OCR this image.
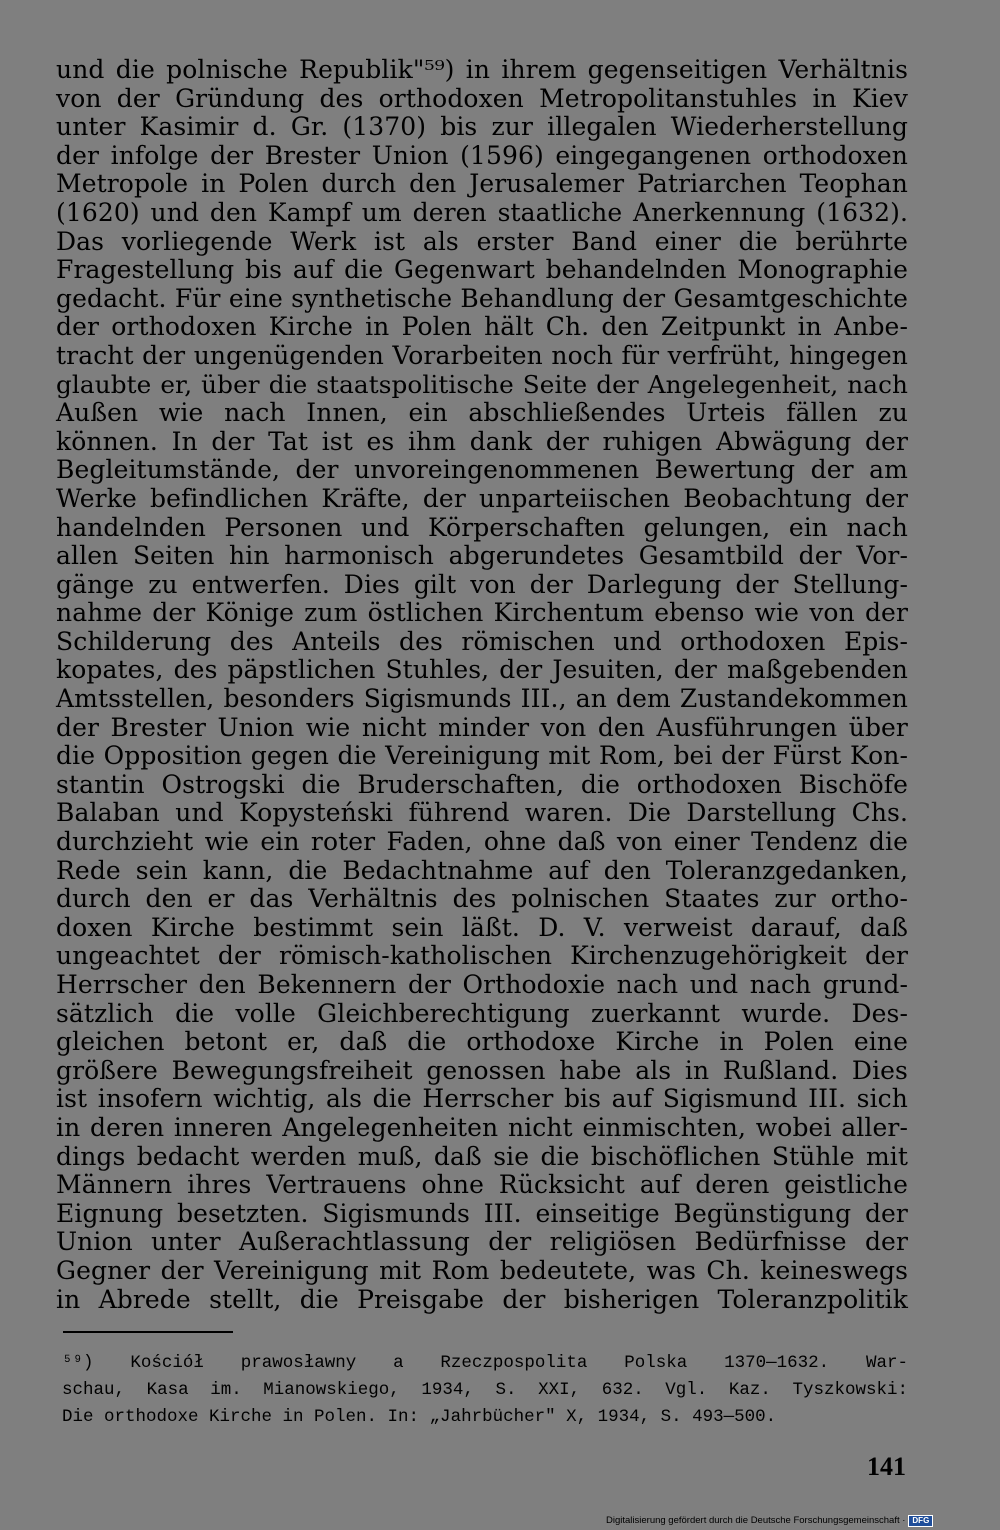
und die polnische Republik"⁵⁹) in ihrem gegenseitigen Verhältnis
von der Gründung des orthodoxen Metropolitanstuhles in Kiev
unter Kasimir d. Gr. (1370) bis zur illegalen Wiederherstellung
der infolge der Brester Union (1596) eingegangenen orthodoxen
Metropole in Polen durch den Jerusalemer Patriarchen Teophan
(1620) und den Kampf um deren staatliche Anerkennung (1632).
Das vorliegende Werk ist als erster Band einer die berührte
Fragestellung bis auf die Gegenwart behandelnden Monographie
gedacht. Für eine synthetische Behandlung der Gesamtgeschichte
der orthodoxen Kirche in Polen hält Ch. den Zeitpunkt in Anbe-
tracht der ungenügenden Vorarbeiten noch für verfrüht, hingegen
glaubte er, über die staatspolitische Seite der Angelegenheit, nach
Außen wie nach Innen, ein abschließendes Urteis fällen zu
können. In der Tat ist es ihm dank der ruhigen Abwägung der
Begleitumstände, der unvoreingenommenen Bewertung der am
Werke befindlichen Kräfte, der unparteiischen Beobachtung der
handelnden Personen und Körperschaften gelungen, ein nach
allen Seiten hin harmonisch abgerundetes Gesamtbild der Vor-
gänge zu entwerfen. Dies gilt von der Darlegung der Stellung-
nahme der Könige zum östlichen Kirchentum ebenso wie von der
Schilderung des Anteils des römischen und orthodoxen Epis-
kopates, des päpstlichen Stuhles, der Jesuiten, der maßgebenden
Amtsstellen, besonders Sigismunds III., an dem Zustandekommen
der Brester Union wie nicht minder von den Ausführungen über
die Opposition gegen die Vereinigung mit Rom, bei der Fürst Kon-
stantin Ostrogski die Bruderschaften, die orthodoxen Bischöfe
Balaban und Kopysteński führend waren. Die Darstellung Chs.
durchzieht wie ein roter Faden, ohne daß von einer Tendenz die
Rede sein kann, die Bedachtnahme auf den Toleranzgedanken,
durch den er das Verhältnis des polnischen Staates zur ortho-
doxen Kirche bestimmt sein läßt. D. V. verweist darauf, daß
ungeachtet der römisch-katholischen Kirchenzugehörigkeit der
Herrscher den Bekennern der Orthodoxie nach und nach grund-
sätzlich die volle Gleichberechtigung zuerkannt wurde. Des-
gleichen betont er, daß die orthodoxe Kirche in Polen eine
größere Bewegungsfreiheit genossen habe als in Rußland. Dies
ist insofern wichtig, als die Herrscher bis auf Sigismund III. sich
in deren inneren Angelegenheiten nicht einmischten, wobei aller-
dings bedacht werden muß, daß sie die bischöflichen Stühle mit
Männern ihres Vertrauens ohne Rücksicht auf deren geistliche
Eignung besetzten. Sigismunds III. einseitige Begünstigung der
Union unter Außerachtlassung der religiösen Bedürfnisse der
Gegner der Vereinigung mit Rom bedeutete, was Ch. keineswegs
in Abrede stellt, die Preisgabe der bisherigen Toleranzpolitik
⁵⁹) Kościół prawosławny a Rzeczpospolita Polska 1370—1632. War-
schau, Kasa im. Mianowskiego, 1934, S. XXI, 632. Vgl. Kaz. Tyszkowski:
Die orthodoxe Kirche in Polen. In: „Jahrbücher" X, 1934, S. 493—500.
141
Digitalisierung gefördert durch die Deutsche Forschungsgemeinschaft · DFG
